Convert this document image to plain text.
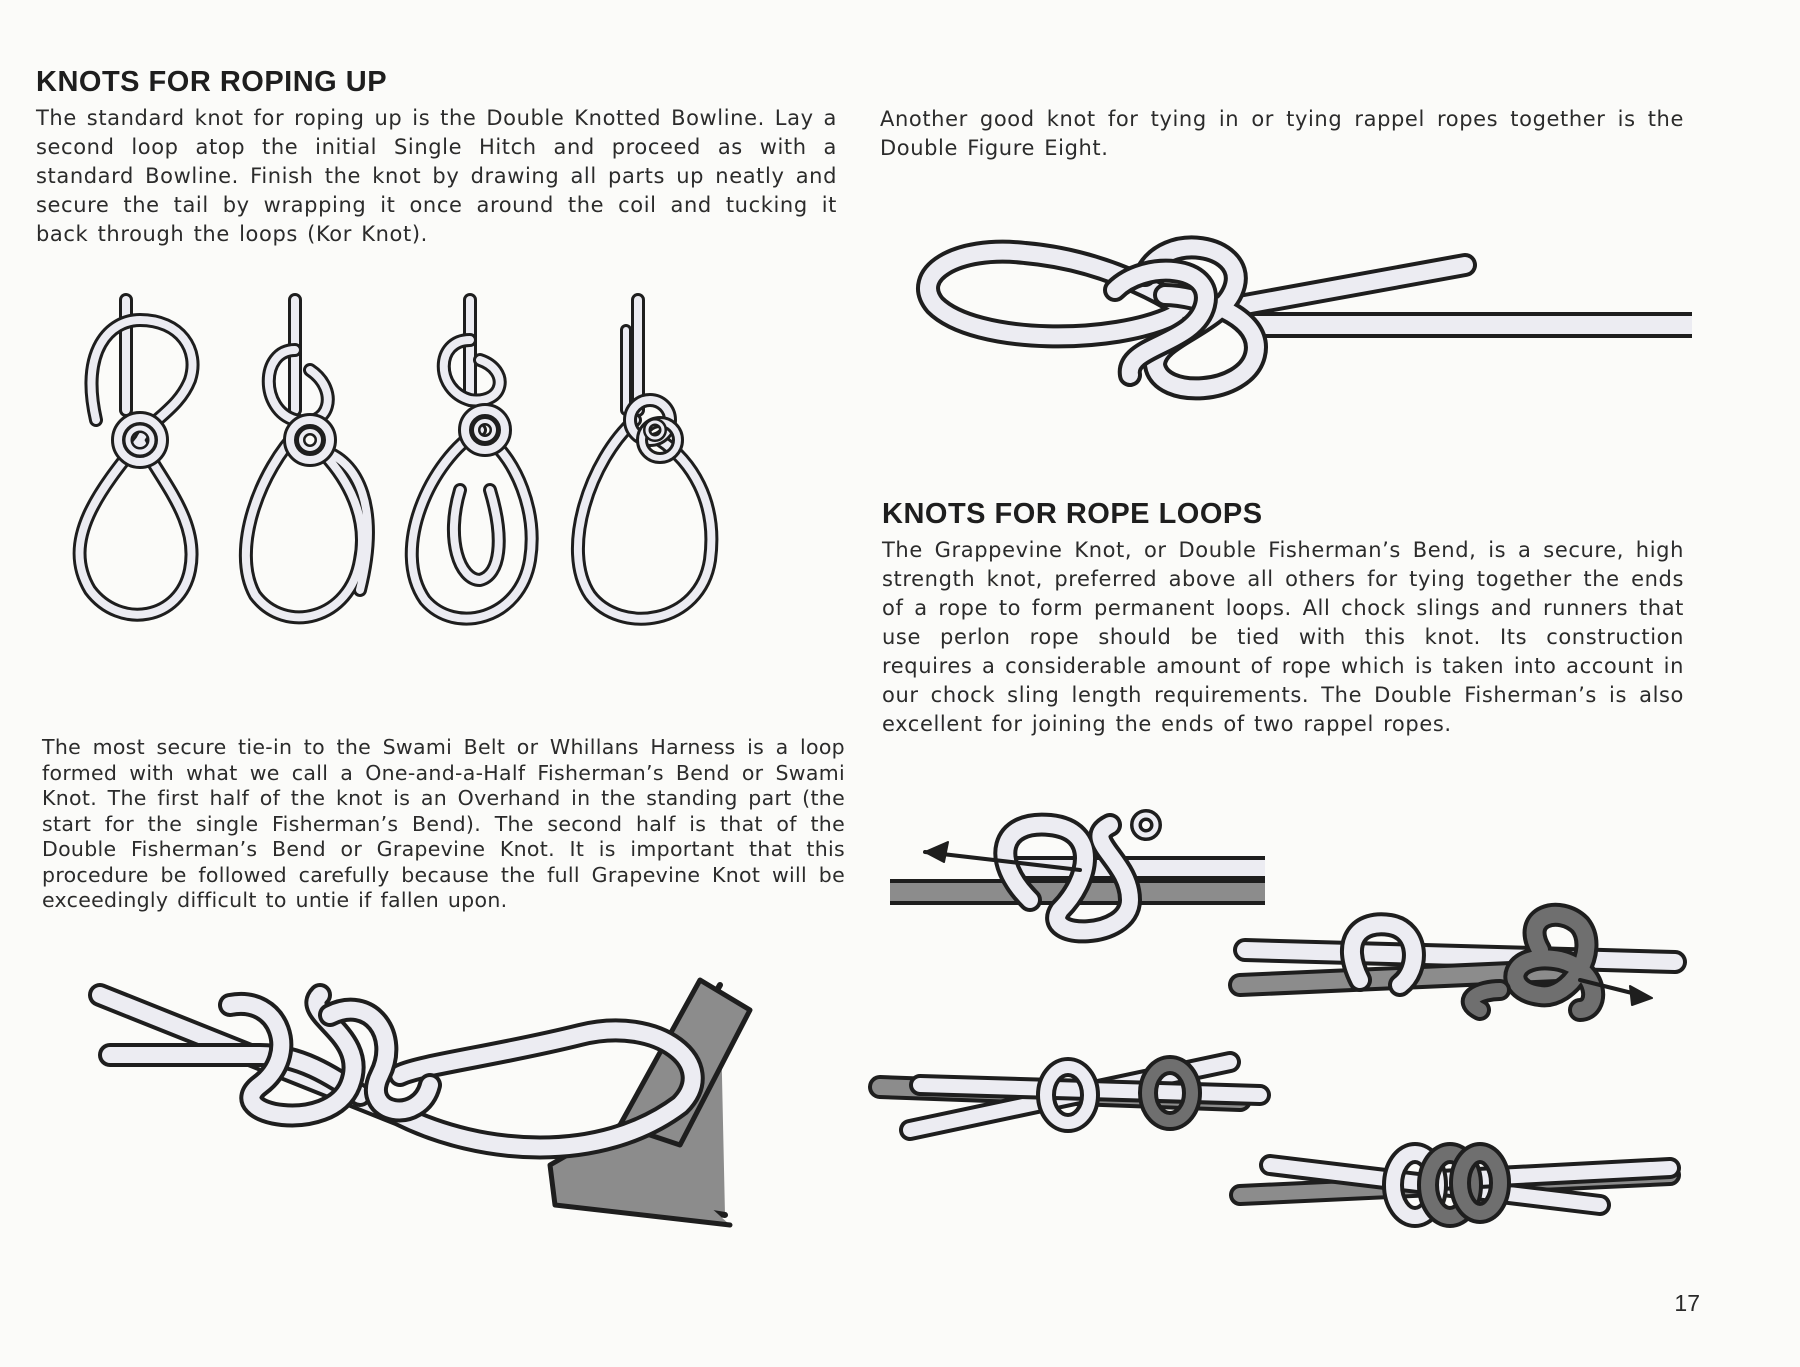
KNOTS FOR ROPING UP

The standard knot for roping up is the Double Knotted Bowline. Lay a second loop atop the initial Single Hitch and proceed as with a standard Bowline. Finish the knot by drawing all parts up neatly and secure the tail by wrapping it once around the coil and tucking it back through the loops (Kor Knot).

The most secure tie-in to the Swami Belt or Whillans Harness is a loop formed with what we call a One-and-a-Half Fisherman’s Bend or Swami Knot. The first half of the knot is an Overhand in the standing part (the start for the single Fisherman’s Bend). The second half is that of the Double Fisherman’s Bend or Grapevine Knot. It is important that this procedure be followed carefully because the full Grapevine Knot will be exceedingly difficult to untie if fallen upon.

Another good knot for tying in or tying rappel ropes together is the Double Figure Eight.

KNOTS FOR ROPE LOOPS

The Grappevine Knot, or Double Fisherman’s Bend, is a secure, high strength knot, preferred above all others for tying together the ends of a rope to form permanent loops. All chock slings and runners that use perlon rope should be tied with this knot. Its construction requires a considerable amount of rope which is taken into account in our chock sling length requirements. The Double Fisherman’s is also excellent for joining the ends of two rappel ropes.

17
